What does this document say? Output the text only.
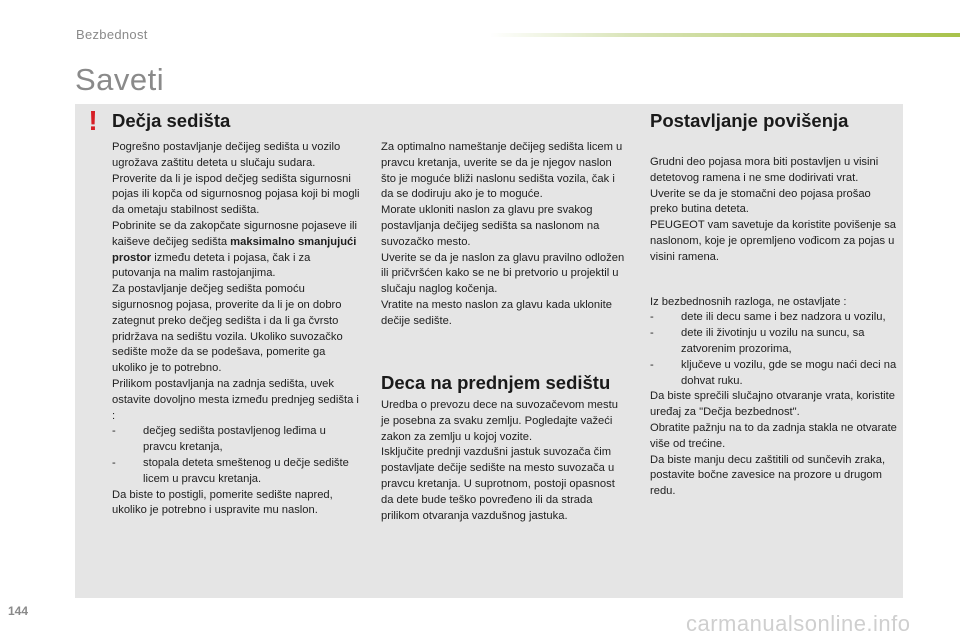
Bezbednost
Saveti
! Dečja sedišta

Pogrešno postavljanje dečijeg sedišta u vozilo ugrožava zaštitu deteta u slučaju sudara.

Proverite da li je ispod dečjeg sedišta sigurnosni pojas ili kopča od sigurnosnog pojasa koji bi mogli da ometaju stabilnost sedišta.

Pobrinite se da zakopčate sigurnosne pojaseve ili kaiševe dečijeg sedišta maksimalno smanjujući prostor između deteta i pojasa, čak i za putovanja na malim rastojanjima.

Za postavljanje dečjeg sedišta pomoću sigurnosnog pojasa, proverite da li je on dobro zategnut preko dečjeg sedišta i da li ga čvrsto pridržava na sedištu vozila. Ukoliko suvozačko sedište može da se podešava, pomerite ga ukoliko je to potrebno.

Prilikom postavljanja na zadnja sedišta, uvek ostavite dovoljno mesta između prednjeg sedišta i :

-	dečjeg sedišta postavljenog leđima u pravcu kretanja,
-	stopala deteta smeštenog u dečje sedište licem u pravcu kretanja.

Da biste to postigli, pomerite sedište napred, ukoliko je potrebno i uspravite mu naslon.

Za optimalno nameštanje dečijeg sedišta licem u pravcu kretanja, uverite se da je njegov naslon što je moguće bliži naslonu sedišta vozila, čak i da se dodiruju ako je to moguće.

Morate ukloniti naslon za glavu pre svakog postavljanja dečijeg sedišta sa naslonom na suvozačko mesto.

Uverite se da je naslon za glavu pravilno odložen ili pričvršćen kako se ne bi pretvorio u projektil u slučaju naglog kočenja.

Vratite na mesto naslon za glavu kada uklonite dečije sedište.

Deca na prednjem sedištu

Uredba o prevozu dece na suvozačevom mestu je posebna za svaku zemlju. Pogledajte važeći zakon za zemlju u kojoj vozite.

Isključite prednji vazdušni jastuk suvozača čim postavljate dečije sedište na mesto suvozača u pravcu kretanja. U suprotnom, postoji opasnost da dete bude teško povređeno ili da strada prilikom otvaranja vazdušnog jastuka.

Postavljanje povišenja

Grudni deo pojasa mora biti postavljen u visini detetovog ramena i ne sme dodirivati vrat.

Uverite se da je stomačni deo pojasa prošao preko butina deteta.

PEUGEOT vam savetuje da koristite povišenje sa naslonom, koje je opremljeno vođicom za pojas u visini ramena.

Iz bezbednosnih razloga, ne ostavljate :

-	dete ili decu same i bez nadzora u vozilu,
-	dete ili životinju u vozilu na suncu, sa zatvorenim prozorima,
-	ključeve u vozilu, gde se mogu naći deci na dohvat ruku.

Da biste sprečili slučajno otvaranje vrata, koristite uređaj za "Dečja bezbednost".

Obratite pažnju na to da zadnja stakla ne otvarate više od trećine.

Da biste manju decu zaštitili od sunčevih zraka, postavite bočne zavesice na prozore u drugom redu.

144	carmanualsonline.info
